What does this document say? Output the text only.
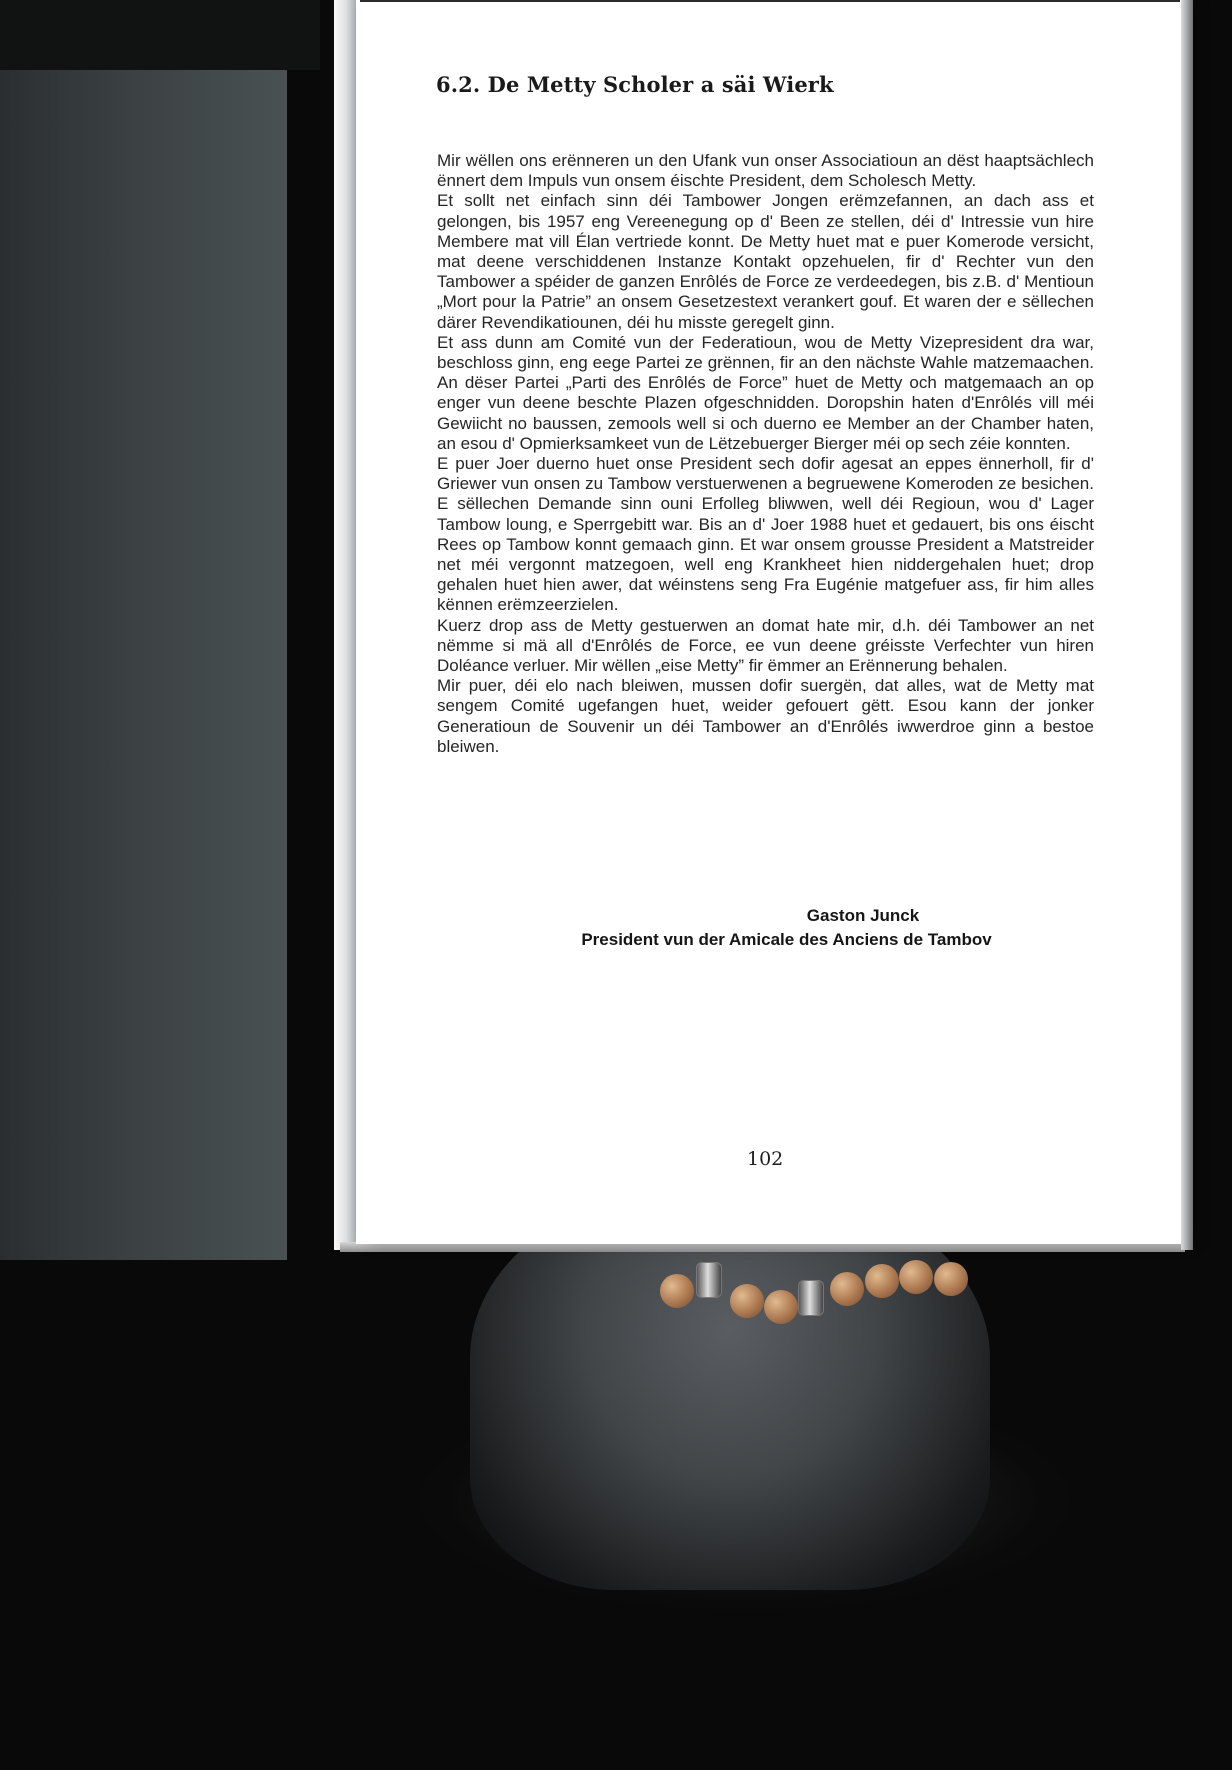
6.2. De Metty Scholer a säi Wierk

Mir wëllen ons erënneren un den Ufank vun onser Associatioun an dëst haaptsächlech ënnert dem Impuls vun onsem éischte President, dem Scholesch Metty.

Et sollt net einfach sinn déi Tambower Jongen erëmzefannen, an dach ass et gelongen, bis 1957 eng Vereenegung op d' Been ze stellen, déi d' Intressie vun hire Membere mat vill Élan vertriede konnt. De Metty huet mat e puer Komerode versicht, mat deene verschiddenen Instanze Kontakt opzehuelen, fir d' Rechter vun den Tambower a spéider de ganzen Enrôlés de Force ze verdeedegen, bis z.B. d' Mentioun „Mort pour la Patrie” an onsem Gesetzestext verankert gouf. Et waren der e sëllechen därer Revendikatiounen, déi hu misste geregelt ginn.

Et ass dunn am Comité vun der Federatioun, wou de Metty Vizepresident dra war, beschloss ginn, eng eege Partei ze grënnen, fir an den nächste Wahle matzemaachen. An dëser Partei „Parti des Enrôlés de Force” huet de Metty och matgemaach an op enger vun deene beschte Plazen ofgeschnidden. Doropshin haten d'Enrôlés vill méi Gewiicht no baussen, zemools well si och duerno ee Member an der Chamber haten, an esou d' Opmierksamkeet vun de Lëtzebuerger Bierger méi op sech zéie konnten.

E puer Joer duerno huet onse President sech dofir agesat an eppes ënnerholl, fir d' Griewer vun onsen zu Tambow verstuerwenen a begruewene Komeroden ze besichen. E sëllechen Demande sinn ouni Erfolleg bliwwen, well déi Regioun, wou d' Lager Tambow loung, e Sperrgebitt war. Bis an d' Joer 1988 huet et gedauert, bis ons éischt Rees op Tambow konnt gemaach ginn. Et war onsem grousse President a Matstreider net méi vergonnt matzegoen, well eng Krankheet hien niddergehalen huet; drop gehalen huet hien awer, dat wéinstens seng Fra Eugénie matgefuer ass, fir him alles kënnen erëmzeerzielen.

Kuerz drop ass de Metty gestuerwen an domat hate mir, d.h. déi Tambower an net nëmme si mä all d'Enrôlés de Force, ee vun deene gréisste Verfechter vun hiren Doléance verluer. Mir wëllen „eise Metty” fir ëmmer an Erënnerung behalen.

Mir puer, déi elo nach bleiwen, mussen dofir suergën, dat alles, wat de Metty mat sengem Comité ugefangen huet, weider gefouert gëtt. Esou kann der jonker Generatioun de Souvenir un déi Tambower an d'Enrôlés iwwerdroe ginn a bestoe bleiwen.

Gaston Junck
President vun der Amicale des Anciens de Tambov
102
